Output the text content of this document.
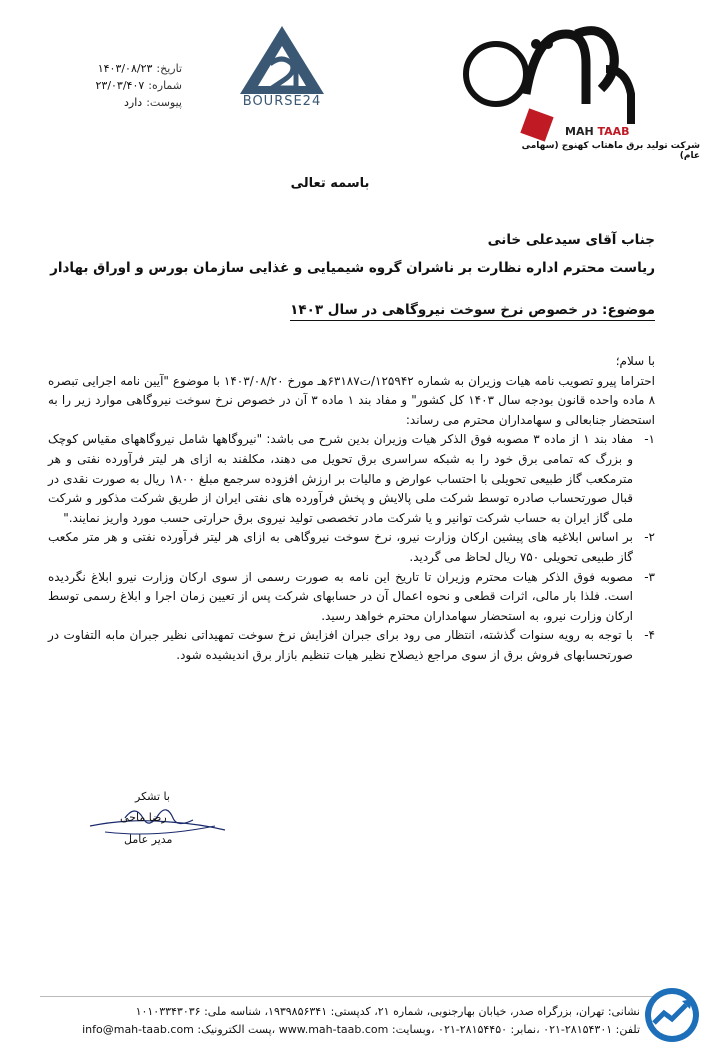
تاریخ:
۱۴۰۳/۰۸/۲۳
شماره:
۲۳/۰۳/۴۰۷
پیوست:
دارد	BOURSE24
MAH TAAB
شرکت تولید برق ماهتاب کهنوج (سهامی عام)
باسمه تعالی
جناب آقای سیدعلی خانی
ریاست محترم اداره نظارت بر ناشران گروه شیمیایی و غذایی سازمان بورس و اوراق بهادار
موضوع: در خصوص نرخ سوخت نیروگاهی در سال ۱۴۰۳

با سلام؛

احتراما پیرو تصویب نامه هیات وزیران به شماره ۱۲۵۹۴۲/ت۶۳۱۸۷هـ مورخ ۱۴۰۳/۰۸/۲۰ با موضوع "آیین نامه اجرایی تبصره ۸ ماده واحده قانون بودجه سال ۱۴۰۳ کل کشور" و مفاد بند ۱ ماده ۳ آن در خصوص نرخ سوخت نیروگاهی موارد زیر را به استحضار جنابعالی و سهامداران محترم می رساند:

۱-
مفاد بند ۱ از ماده ۳ مصوبه فوق الذکر هیات وزیران بدین شرح می باشد: "نیروگاهها شامل نیروگاههای مقیاس کوچک و بزرگ که تمامی برق خود را به شبکه سراسری برق تحویل می دهند، مکلفند به ازای هر لیتر فرآورده نفتی و هر مترمکعب گاز طبیعی تحویلی با احتساب عوارض و مالیات بر ارزش افزوده سرجمع مبلغ ۱۸۰۰ ریال به صورت نقدی در قبال صورتحساب صادره توسط شرکت ملی پالایش و پخش فرآورده های نفتی ایران از طریق شرکت مذکور و شرکت ملی گاز ایران به حساب شرکت توانیر و یا شرکت مادر تخصصی تولید نیروی برق حرارتی حسب مورد واریز نمایند."
۲-
بر اساس ابلاغیه های پیشین ارکان وزارت نیرو، نرخ سوخت نیروگاهی به ازای هر لیتر فرآورده نفتی و هر متر مکعب گاز طبیعی تحویلی ۷۵۰ ریال لحاظ می گردید.
۳-
مصوبه فوق الذکر هیات محترم وزیران تا تاریخ این نامه به صورت رسمی از سوی ارکان وزارت نیرو ابلاغ نگردیده است. فلذا بار مالی، اثرات قطعی و نحوه اعمال آن در حسابهای شرکت پس از تعیین زمان اجرا و ابلاغ رسمی توسط ارکان وزارت نیرو، به استحضار سهامداران محترم خواهد رسید.
۴-
با توجه به رویه سنوات گذشته، انتظار می رود برای جبران افزایش نرخ سوخت تمهیداتی نظیر جبران مابه التفاوت در صورتحسابهای فروش برق از سوی مراجع ذیصلاح نظیر هیات تنظیم بازار برق اندیشیده شود.
با تشکر
رضا ماحی
مدیر عامل
نشانی: تهران، بزرگراه صدر، خیابان بهارجنوبی، شماره ۲۱، کدپستی: ۱۹۳۹۸۵۶۳۴۱، شناسه ملی: ۱۰۱۰۳۳۴۳۰۳۶
تلفن: ۲۸۱۵۴۳۰۱-۰۲۱ ،نمابر: ۲۸۱۵۴۴۵۰-۰۲۱ ،وبسایت: www.mah-taab.com ،پست الکترونیک: info@mah-taab.com
